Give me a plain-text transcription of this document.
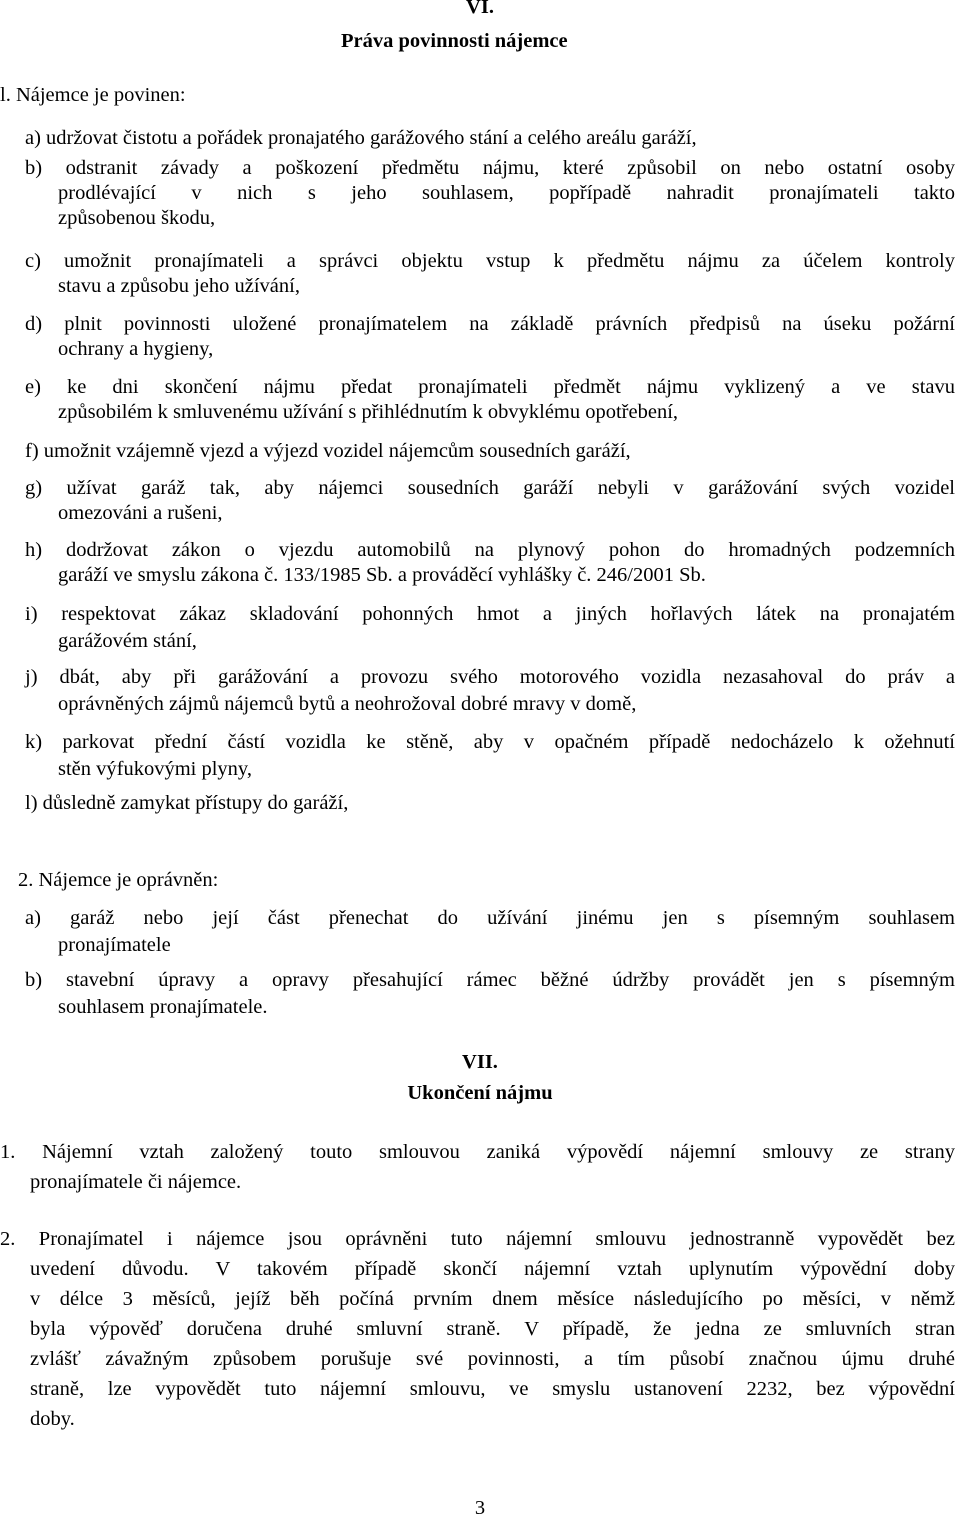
VI.
Práva povinnosti nájemce
l. Nájemce je povinen:
a) udržovat čistotu a pořádek pronajatého garážového stání a celého areálu garáží,
b) odstranit závady a poškození předmětu nájmu, které způsobil on nebo ostatní osoby
prodlévající v nich s jeho souhlasem, popřípadě nahradit pronajímateli takto
způsobenou škodu,
c) umožnit pronajímateli a správci objektu vstup k předmětu nájmu za účelem kontroly
stavu a způsobu jeho užívání,
d) plnit povinnosti uložené pronajímatelem na základě právních předpisů na úseku požární
ochrany a hygieny,
e) ke dni skončení nájmu předat pronajímateli předmět nájmu vyklizený a ve stavu
způsobilém k smluvenému užívání s přihlédnutím k obvyklému opotřebení,
f) umožnit vzájemně vjezd a výjezd vozidel nájemcům sousedních garáží,
g) užívat garáž tak, aby nájemci sousedních garáží nebyli v garážování svých vozidel
omezováni a rušeni,
h) dodržovat zákon o vjezdu automobilů na plynový pohon do hromadných podzemních
garáží ve smyslu zákona č. 133/1985 Sb. a prováděcí vyhlášky č. 246/2001 Sb.
i) respektovat zákaz skladování pohonných hmot a jiných hořlavých látek na pronajatém
garážovém stání,
j) dbát, aby při garážování a provozu svého motorového vozidla nezasahoval do práv a
oprávněných zájmů nájemců bytů a neohrožoval dobré mravy v domě,
k) parkovat přední částí vozidla ke stěně, aby v opačném případě nedocházelo k ožehnutí
stěn výfukovými plyny,
l) důsledně zamykat přístupy do garáží,
2. Nájemce je oprávněn:
a) garáž nebo její část přenechat do užívání jinému jen s písemným souhlasem
pronajímatele
b) stavební úpravy a opravy přesahující rámec běžné údržby provádět jen s písemným
souhlasem pronajímatele.
VII.
Ukončení nájmu
1. Nájemní vztah založený touto smlouvou zaniká výpovědí nájemní smlouvy ze strany
pronajímatele či nájemce.
2. Pronajímatel i nájemce jsou oprávněni tuto nájemní smlouvu jednostranně vypovědět bez
uvedení důvodu. V takovém případě skončí nájemní vztah uplynutím výpovědní doby
v délce 3 měsíců, jejíž běh počíná prvním dnem měsíce následujícího po měsíci, v němž
byla výpověď doručena druhé smluvní straně. V případě, že jedna ze smluvních stran
zvlášť závažným způsobem porušuje své povinnosti, a tím působí značnou újmu druhé
straně, lze vypovědět tuto nájemní smlouvu, ve smyslu ustanovení 2232, bez výpovědní
doby.
3
